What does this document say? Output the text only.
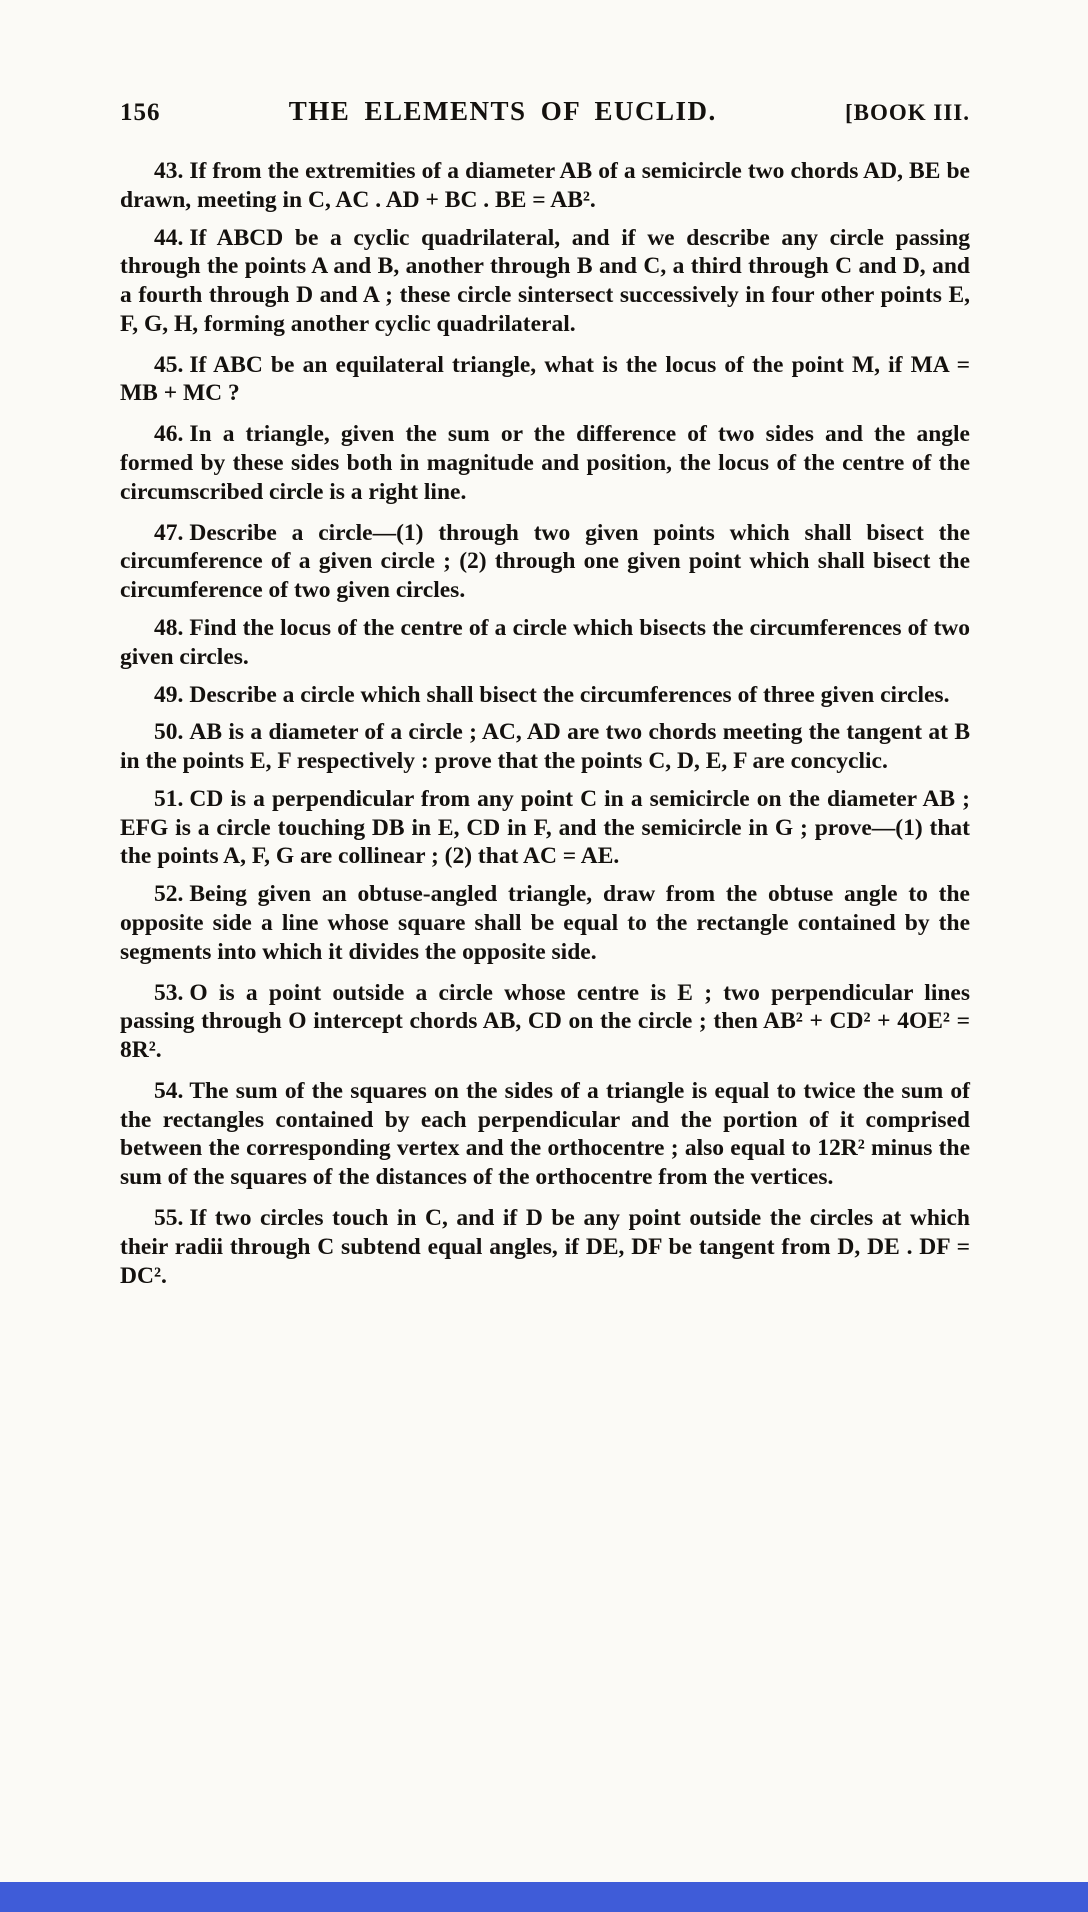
156	THE ELEMENTS OF EUCLID.	[BOOK III.

43. If from the extremities of a diameter AB of a semicircle two chords AD, BE be drawn, meeting in C, AC . AD + BC . BE = AB².

44. If ABCD be a cyclic quadrilateral, and if we describe any circle passing through the points A and B, another through B and C, a third through C and D, and a fourth through D and A ; these circle sintersect successively in four other points E, F, G, H, forming another cyclic quadrilateral.

45. If ABC be an equilateral triangle, what is the locus of the point M, if MA = MB + MC ?

46. In a triangle, given the sum or the difference of two sides and the angle formed by these sides both in magnitude and position, the locus of the centre of the circumscribed circle is a right line.

47. Describe a circle—(1) through two given points which shall bisect the circumference of a given circle ; (2) through one given point which shall bisect the circumference of two given circles.

48. Find the locus of the centre of a circle which bisects the circumferences of two given circles.

49. Describe a circle which shall bisect the circumferences of three given circles.

50. AB is a diameter of a circle ; AC, AD are two chords meeting the tangent at B in the points E, F respectively : prove that the points C, D, E, F are concyclic.

51. CD is a perpendicular from any point C in a semicircle on the diameter AB ; EFG is a circle touching DB in E, CD in F, and the semicircle in G ; prove—(1) that the points A, F, G are collinear ; (2) that AC = AE.

52. Being given an obtuse-angled triangle, draw from the obtuse angle to the opposite side a line whose square shall be equal to the rectangle contained by the segments into which it divides the opposite side.

53. O is a point outside a circle whose centre is E ; two perpendicular lines passing through O intercept chords AB, CD on the circle ; then AB² + CD² + 4OE² = 8R².

54. The sum of the squares on the sides of a triangle is equal to twice the sum of the rectangles contained by each perpendicular and the portion of it comprised between the corresponding vertex and the orthocentre ; also equal to 12R² minus the sum of the squares of the distances of the orthocentre from the vertices.

55. If two circles touch in C, and if D be any point outside the circles at which their radii through C subtend equal angles, if DE, DF be tangent from D, DE . DF = DC².
